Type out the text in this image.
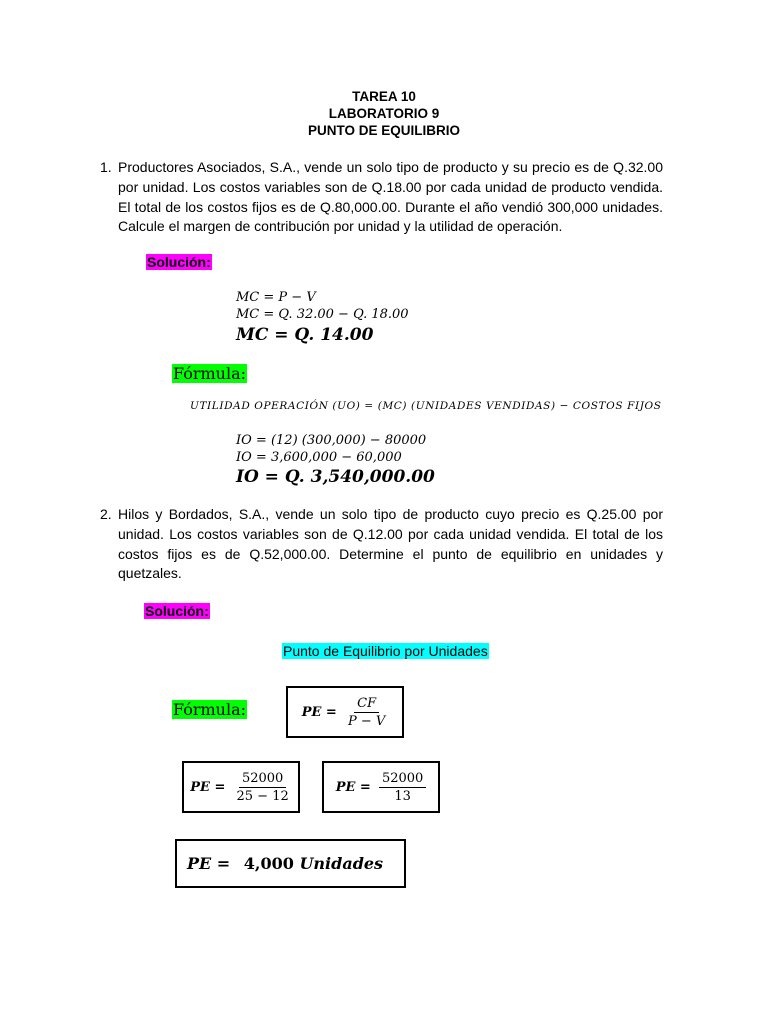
TAREA 10
LABORATORIO 9
PUNTO DE EQUILIBRIO
1. Productores Asociados, S.A., vende un solo tipo de producto y su precio es de Q.32.00 por unidad. Los costos variables son de Q.18.00 por cada unidad de producto vendida. El total de los costos fijos es de Q.80,000.00. Durante el año vendió 300,000 unidades. Calcule el margen de contribución por unidad y la utilidad de operación.
Solución:
MC = P − V
MC = Q. 32.00 − Q. 18.00
MC = Q. 14.00
Fórmula:
UTILIDAD OPERACIÓN (UO) = (MC) (UNIDADES VENDIDAS) − COSTOS FIJOS
IO = (12) (300,000) − 80000
IO = 3,600,000 − 60,000
IO = Q. 3,540,000.00
2. Hilos y Bordados, S.A., vende un solo tipo de producto cuyo precio es Q.25.00 por unidad. Los costos variables son de Q.12.00 por cada unidad vendida. El total de los costos fijos es de Q.52,000.00. Determine el punto de equilibrio en unidades y quetzales.
Solución:
Punto de Equilibrio por Unidades
Fórmula:	PE = $\frac{CF}{P - V}$
PE = $\frac{52000}{25 - 12}$	PE = $\frac{52000}{13}$
PE = 4,000 Unidades
